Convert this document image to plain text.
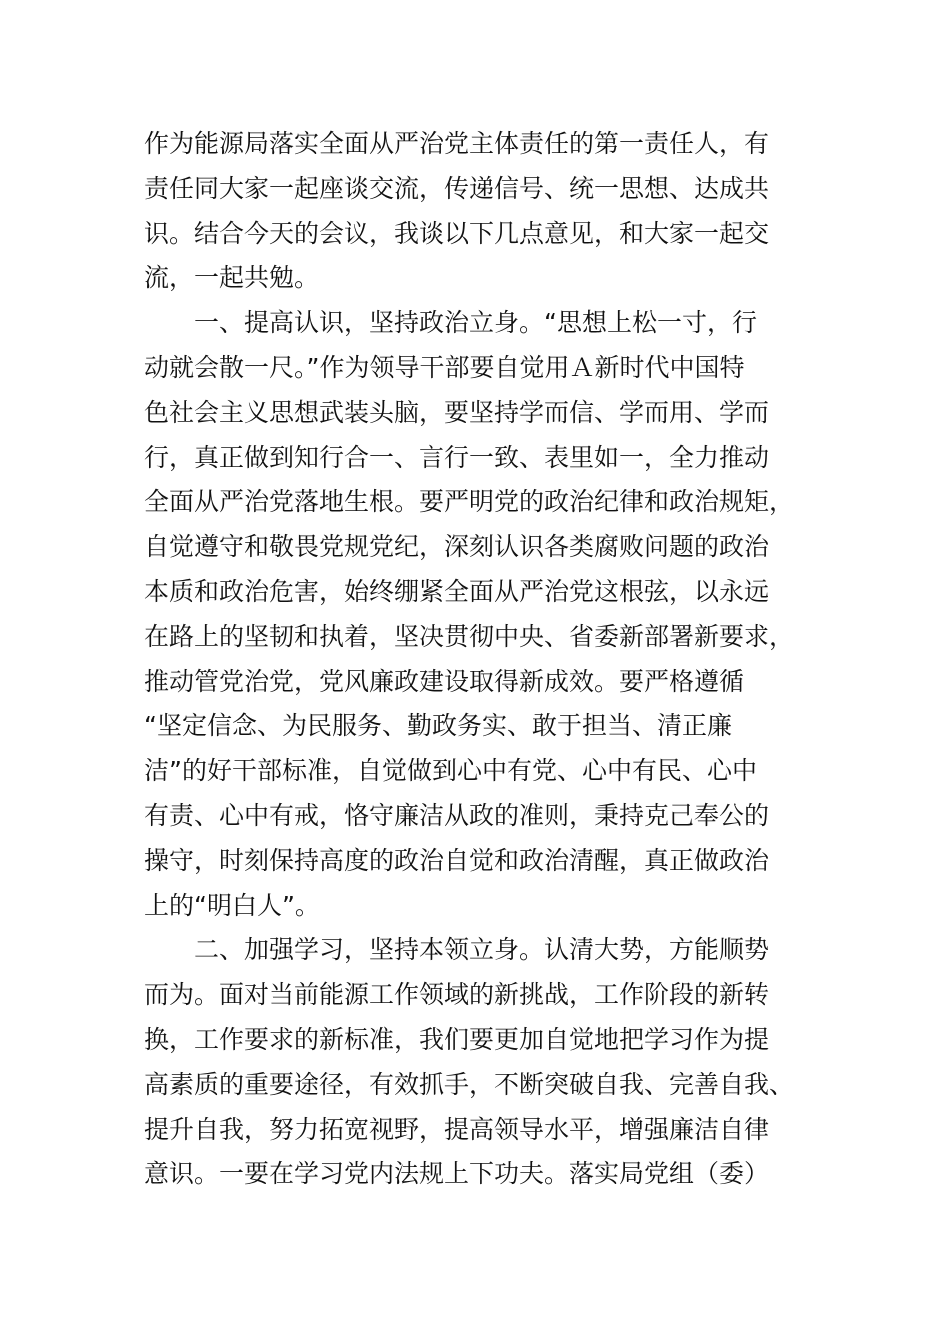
作为能源局落实全面从严治党主体责任的第一责任人，有
责任同大家一起座谈交流，传递信号、统一思想、达成共
识。结合今天的会议，我谈以下几点意见，和大家一起交
流，一起共勉。
一、提高认识，坚持政治立身。“思想上松一寸，行
动就会散一尺。”作为领导干部要自觉用Ａ新时代中国特
色社会主义思想武装头脑，要坚持学而信、学而用、学而
行，真正做到知行合一、言行一致、表里如一，全力推动
全面从严治党落地生根。要严明党的政治纪律和政治规矩，
自觉遵守和敬畏党规党纪，深刻认识各类腐败问题的政治
本质和政治危害，始终绷紧全面从严治党这根弦，以永远
在路上的坚韧和执着，坚决贯彻中央、省委新部署新要求，
推动管党治党，党风廉政建设取得新成效。要严格遵循
“坚定信念、为民服务、勤政务实、敢于担当、清正廉
洁”的好干部标准，自觉做到心中有党、心中有民、心中
有责、心中有戒，恪守廉洁从政的准则，秉持克己奉公的
操守，时刻保持高度的政治自觉和政治清醒，真正做政治
上的“明白人”。
二、加强学习，坚持本领立身。认清大势，方能顺势
而为。面对当前能源工作领域的新挑战，工作阶段的新转
换，工作要求的新标准，我们要更加自觉地把学习作为提
高素质的重要途径，有效抓手，不断突破自我、完善自我、
提升自我，努力拓宽视野，提高领导水平，增强廉洁自律
意识。一要在学习党内法规上下功夫。落实局党组（委）
